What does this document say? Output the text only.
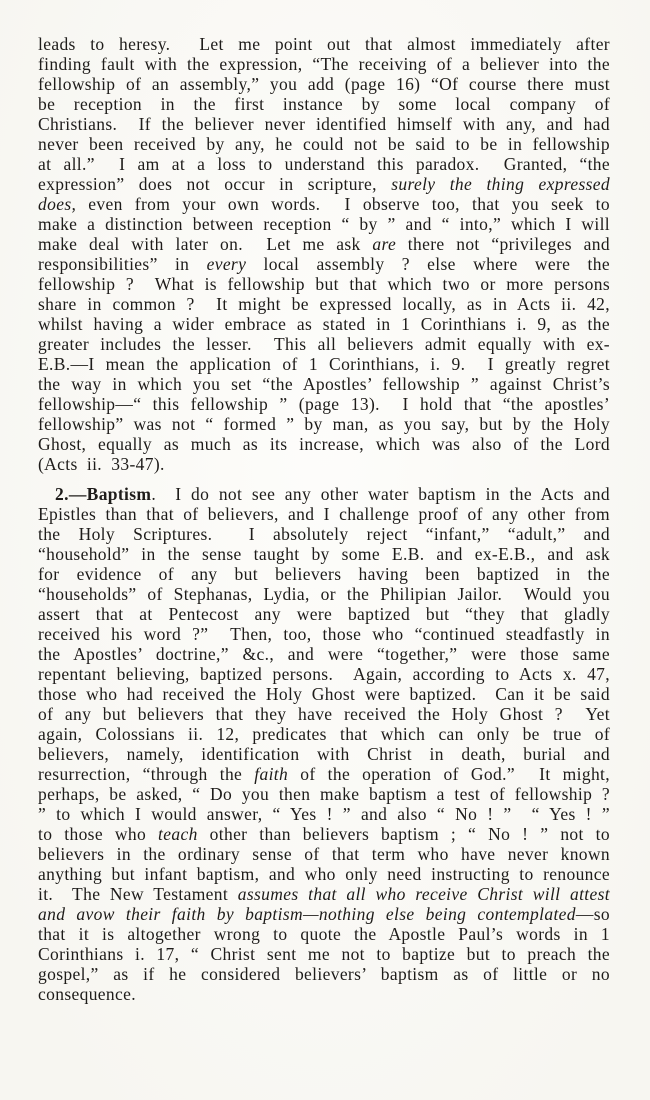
leads to heresy.  Let me point out that almost immediately after finding fault with the expression, “The receiving of a believer into the fellowship of an assembly,” you add (page 16) “Of course there must be reception in the first instance by some local company of Christians.  If the believer never identified himself with any, and had never been received by any, he could not be said to be in fellowship at all.”  I am at a loss to understand this paradox.  Granted, “the expression” does not occur in scripture, surely the thing expressed does, even from your own words.  I observe too, that you seek to make a distinction between reception “ by ” and “ into,” which I will make deal with later on.  Let me ask are there not “privileges and responsibilities” in every local assembly ? else where were the fellowship ?  What is fellowship but that which two or more persons share in common ?  It might be expressed locally, as in Acts ii. 42, whilst having a wider embrace as stated in 1 Corinthians i. 9, as the greater includes the lesser.  This all believers admit equally with ex-E.B.—I mean the application of 1 Corinthians, i. 9.  I greatly regret the way in which you set “the Apostles’ fellowship ” against Christ’s fellowship—“ this fellowship ” (page 13).  I hold that “the apostles’ fellowship” was not “ formed ” by man, as you say, but by the Holy Ghost, equally as much as its increase, which was also of the Lord (Acts ii. 33-47).

2.—Baptism.  I do not see any other water baptism in the Acts and Epistles than that of believers, and I challenge proof of any other from the Holy Scriptures.  I absolutely reject “infant,” “adult,” and “household” in the sense taught by some E.B. and ex-E.B., and ask for evidence of any but believers having been baptized in the “households” of Stephanas, Lydia, or the Philipian Jailor.  Would you assert that at Pentecost any were baptized but “they that gladly received his word ?”  Then, too, those who “continued steadfastly in the Apostles’ doctrine,” &c., and were “together,” were those same repentant believing, baptized persons.  Again, according to Acts x. 47, those who had received the Holy Ghost were baptized.  Can it be said of any but believers that they have received the Holy Ghost ?  Yet again, Colossians ii. 12, predicates that which can only be true of believers, namely, identification with Christ in death, burial and resurrection, “through the faith of the operation of God.”  It might, perhaps, be asked, “ Do you then make baptism a test of fellowship ? ” to which I would answer, “ Yes ! ” and also “ No ! ”  “ Yes ! ” to those who teach other than believers baptism ; “ No ! ” not to believers in the ordinary sense of that term who have never known anything but infant baptism, and who only need instructing to renounce it.  The New Testament assumes that all who receive Christ will attest and avow their faith by baptism—nothing else being contemplated—so that it is altogether wrong to quote the Apostle Paul’s words in 1 Corinthians i. 17, “ Christ sent me not to baptize but to preach the gospel,” as if he considered believers’ baptism as of little or no consequence.
